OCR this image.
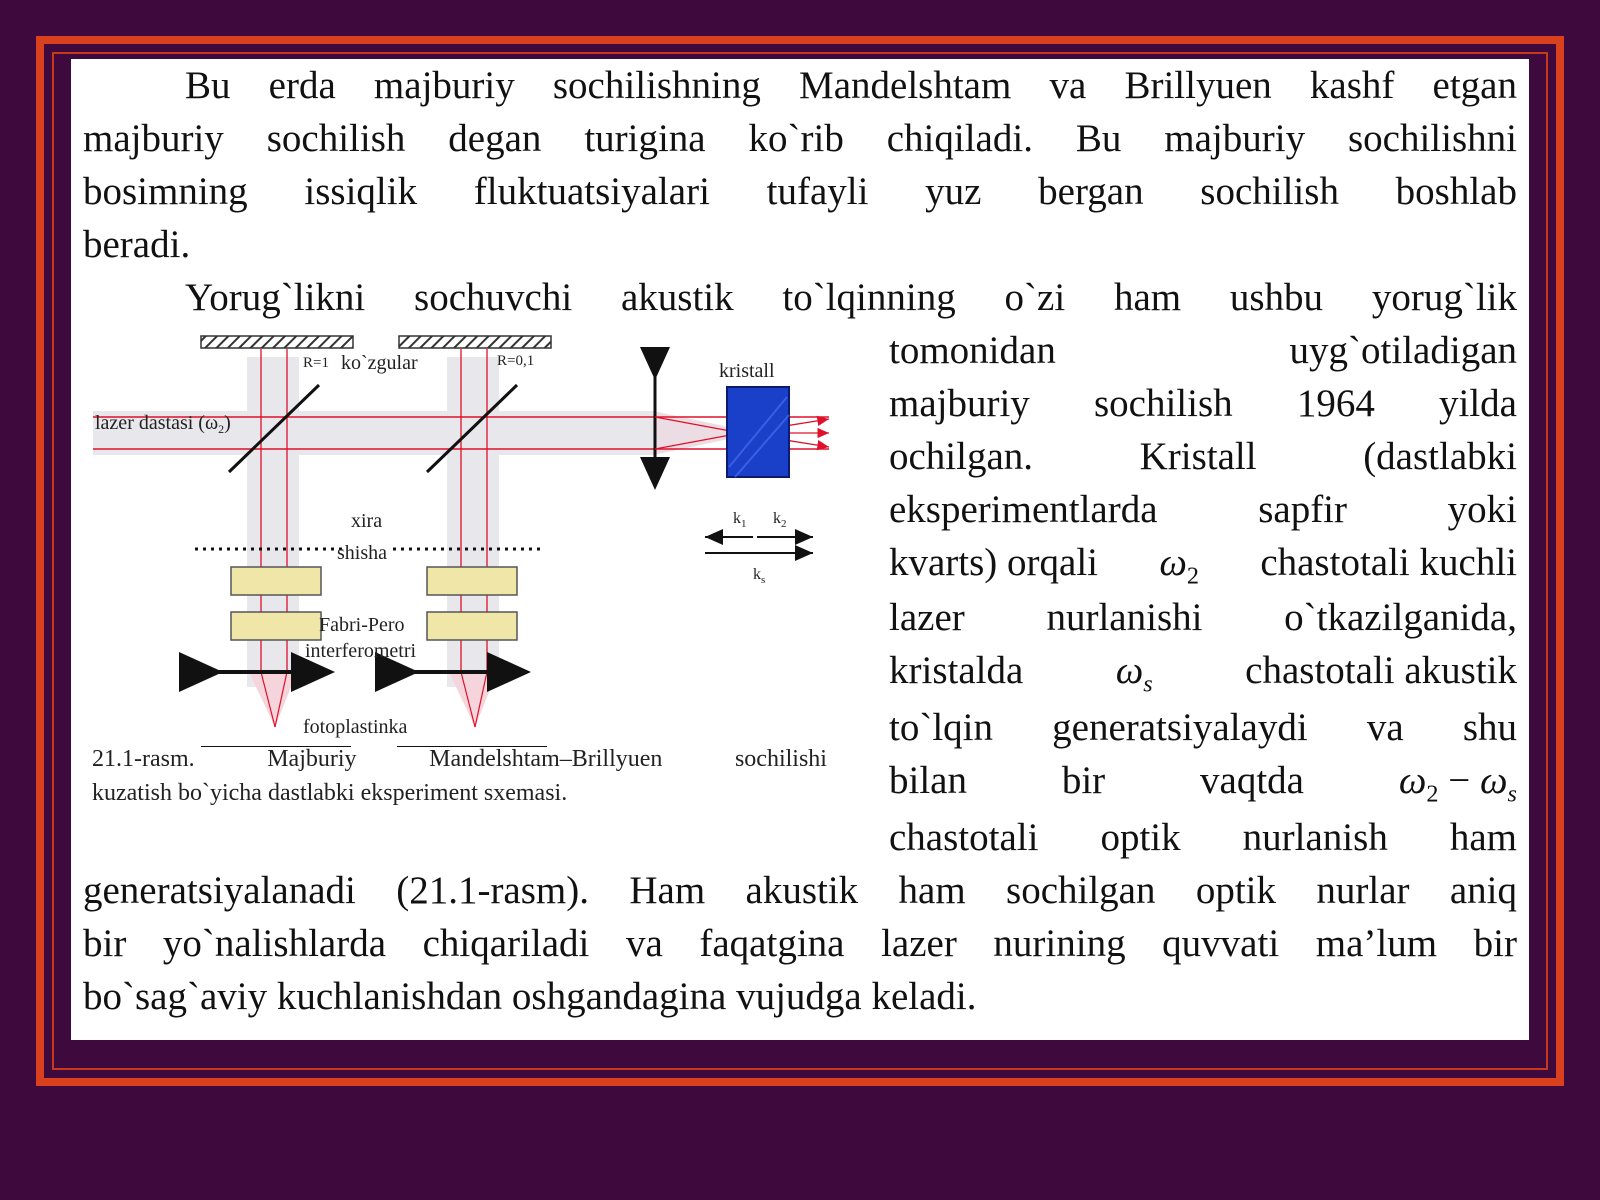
Bu erda majburiy sochilishning Mandelshtam va Brillyuen kashf etgan
majburiy sochilish degan turigina ko`rib chiqiladi. Bu majburiy sochilishni
bosimning issiqlik fluktuatsiyalari tufayli yuz bergan sochilish boshlab
beradi.
Yorug`likni sochuvchi akustik to`lqinning o`zi ham ushbu yorug`lik
tomonidan uyg`otiladigan
majburiy sochilish 1964 yilda
ochilgan. Kristall (dastlabki
eksperimentlarda sapfir yoki
kvarts) orqali $\omega_2$ chastotali kuchli
lazer nurlanishi o`tkazilganida,
kristalda $\omega_s$ chastotali akustik
to`lqin generatsiyalaydi va shu
bilan bir vaqtda $\omega_2 - \omega_s$
chastotali optik nurlanish ham
generatsiyalanadi (21.1-rasm). Ham akustik ham sochilgan optik nurlar aniq
bir yo`nalishlarda chiqariladi va faqatgina lazer nurining quvvati ma’lum bir
bo`sag`aviy kuchlanishdan oshgandagina vujudga keladi.
R=1 ko`zgular	R=0,1
lazer dastasi $(\omega_2)$
kristall
xira
shisha
Fabri-Pero
interferometri
fotoplastinka
$k_1$ $k_2$
$k_s$
21.1-rasm.	Majburiy	Mandelshtam–Brillyuen	sochilishi
kuzatish bo`yicha dastlabki eksperiment sxemasi.
